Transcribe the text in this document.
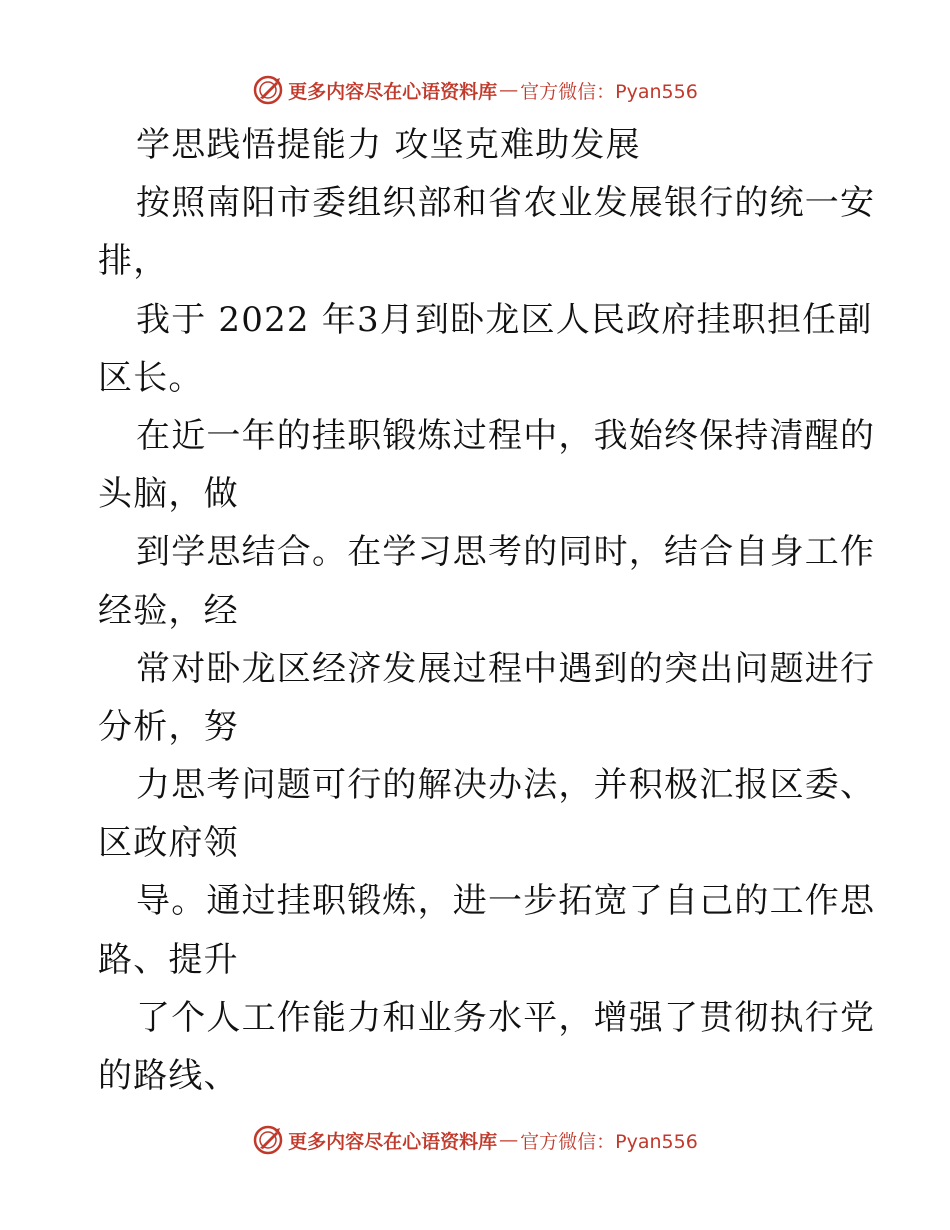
更多内容尽在心语资料库 — 官方微信：Pyan556
学思践悟提能力 攻坚克难助发展
按照南阳市委组织部和省农业发展银行的统一安
排，
我于 2022 年3月到卧龙区人民政府挂职担任副
区长。
在近一年的挂职锻炼过程中，我始终保持清醒的
头脑，做
到学思结合。在学习思考的同时，结合自身工作
经验，经
常对卧龙区经济发展过程中遇到的突出问题进行
分析，努
力思考问题可行的解决办法，并积极汇报区委、
区政府领
导。通过挂职锻炼，进一步拓宽了自己的工作思
路、提升
了个人工作能力和业务水平，增强了贯彻执行党
的路线、
更多内容尽在心语资料库 — 官方微信：Pyan556
